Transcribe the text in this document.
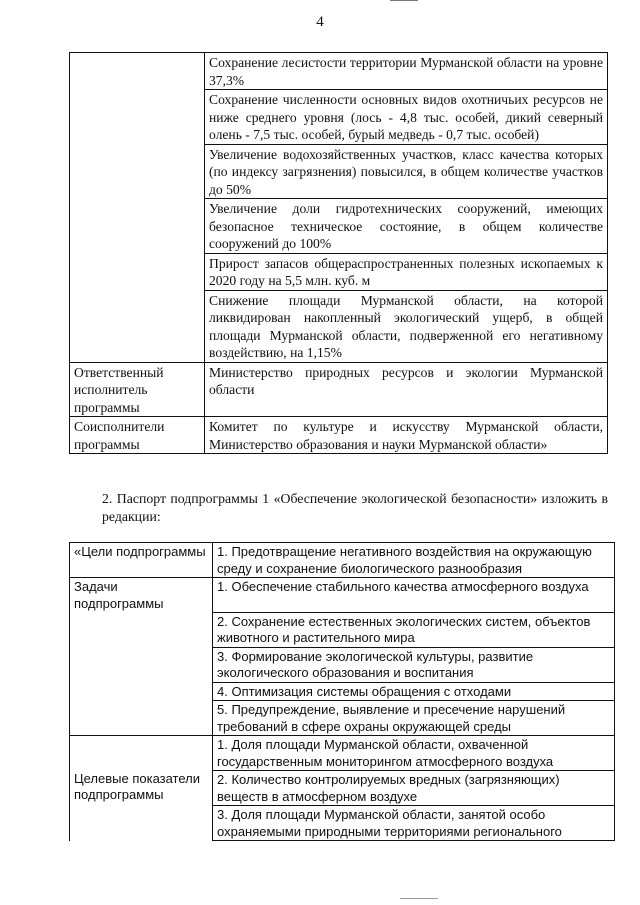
4
	Сохранение лесистости территории Мурманской области на уровне 37,3%
	Сохранение численности основных видов охотничьих ресурсов не ниже среднего уровня (лось - 4,8 тыс. особей, дикий северный олень - 7,5 тыс. особей, бурый медведь - 0,7 тыс. особей)
	Увеличение водохозяйственных участков, класс качества которых (по индексу загрязнения) повысился, в общем количестве участков до 50%
	Увеличение доли гидротехнических сооружений, имеющих безопасное техническое состояние, в общем количестве сооружений до 100%
	Прирост запасов общераспространенных полезных ископаемых к 2020 году на 5,5 млн. куб. м
	Снижение площади Мурманской области, на которой ликвидирован накопленный экологический ущерб, в общей площади Мурманской области, подверженной его негативному воздействию, на 1,15%
Ответственный исполнитель программы	Министерство природных ресурсов и экологии Мурманской области
Соисполнители программы	Комитет по культуре и искусству Мурманской области, Министерство образования и науки Мурманской области»
2. Паспорт подпрограммы 1 «Обеспечение экологической безопасности» изложить в редакции:
«Цели подпрограммы	1. Предотвращение негативного воздействия на окружающую среду и сохранение биологического разнообразия
Задачи подпрограммы	1. Обеспечение стабильного качества атмосферного воздуха
	2. Сохранение естественных экологических систем, объектов животного и растительного мира
	3. Формирование экологической культуры, развитие экологического образования и воспитания
	4. Оптимизация системы обращения с отходами
	5. Предупреждение, выявление и пресечение нарушений требований в сфере охраны окружающей среды
	1. Доля площади Мурманской области, охваченной государственным мониторингом атмосферного воздуха
Целевые показатели подпрограммы	2. Количество контролируемых вредных (загрязняющих) веществ в атмосферном воздухе
	3. Доля площади Мурманской области, занятой особо охраняемыми природными территориями регионального
